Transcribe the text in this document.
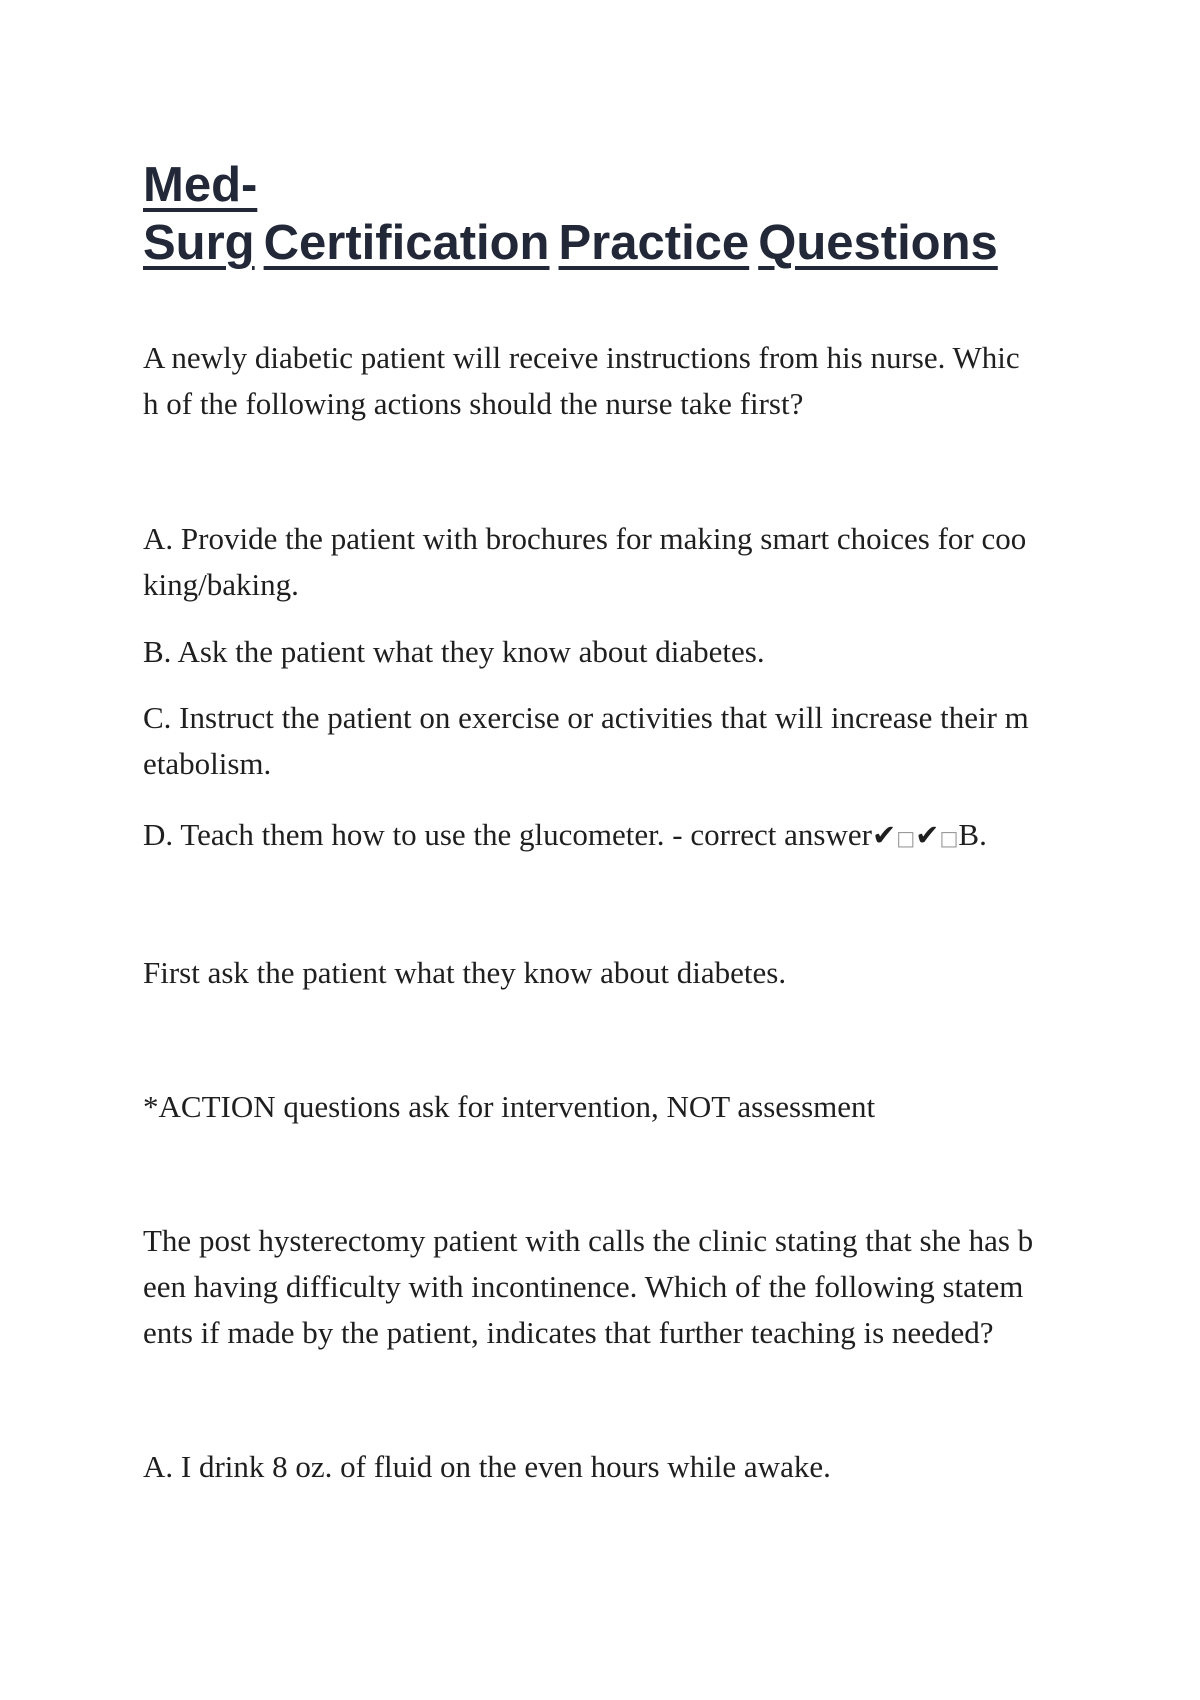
Med-
Surg Certification Practice Questions

A newly diabetic patient will receive instructions from his nurse. Whic
h of the following actions should the nurse take first?

A. Provide the patient with brochures for making smart choices for coo
king/baking.

B. Ask the patient what they know about diabetes.

C. Instruct the patient on exercise or activities that will increase their m
etabolism.

D. Teach them how to use the glucometer. - correct answer✔□✔□B.

First ask the patient what they know about diabetes.

*ACTION questions ask for intervention, NOT assessment

The post hysterectomy patient with calls the clinic stating that she has b
een having difficulty with incontinence. Which of the following statem
ents if made by the patient, indicates that further teaching is needed?

A. I drink 8 oz. of fluid on the even hours while awake.
